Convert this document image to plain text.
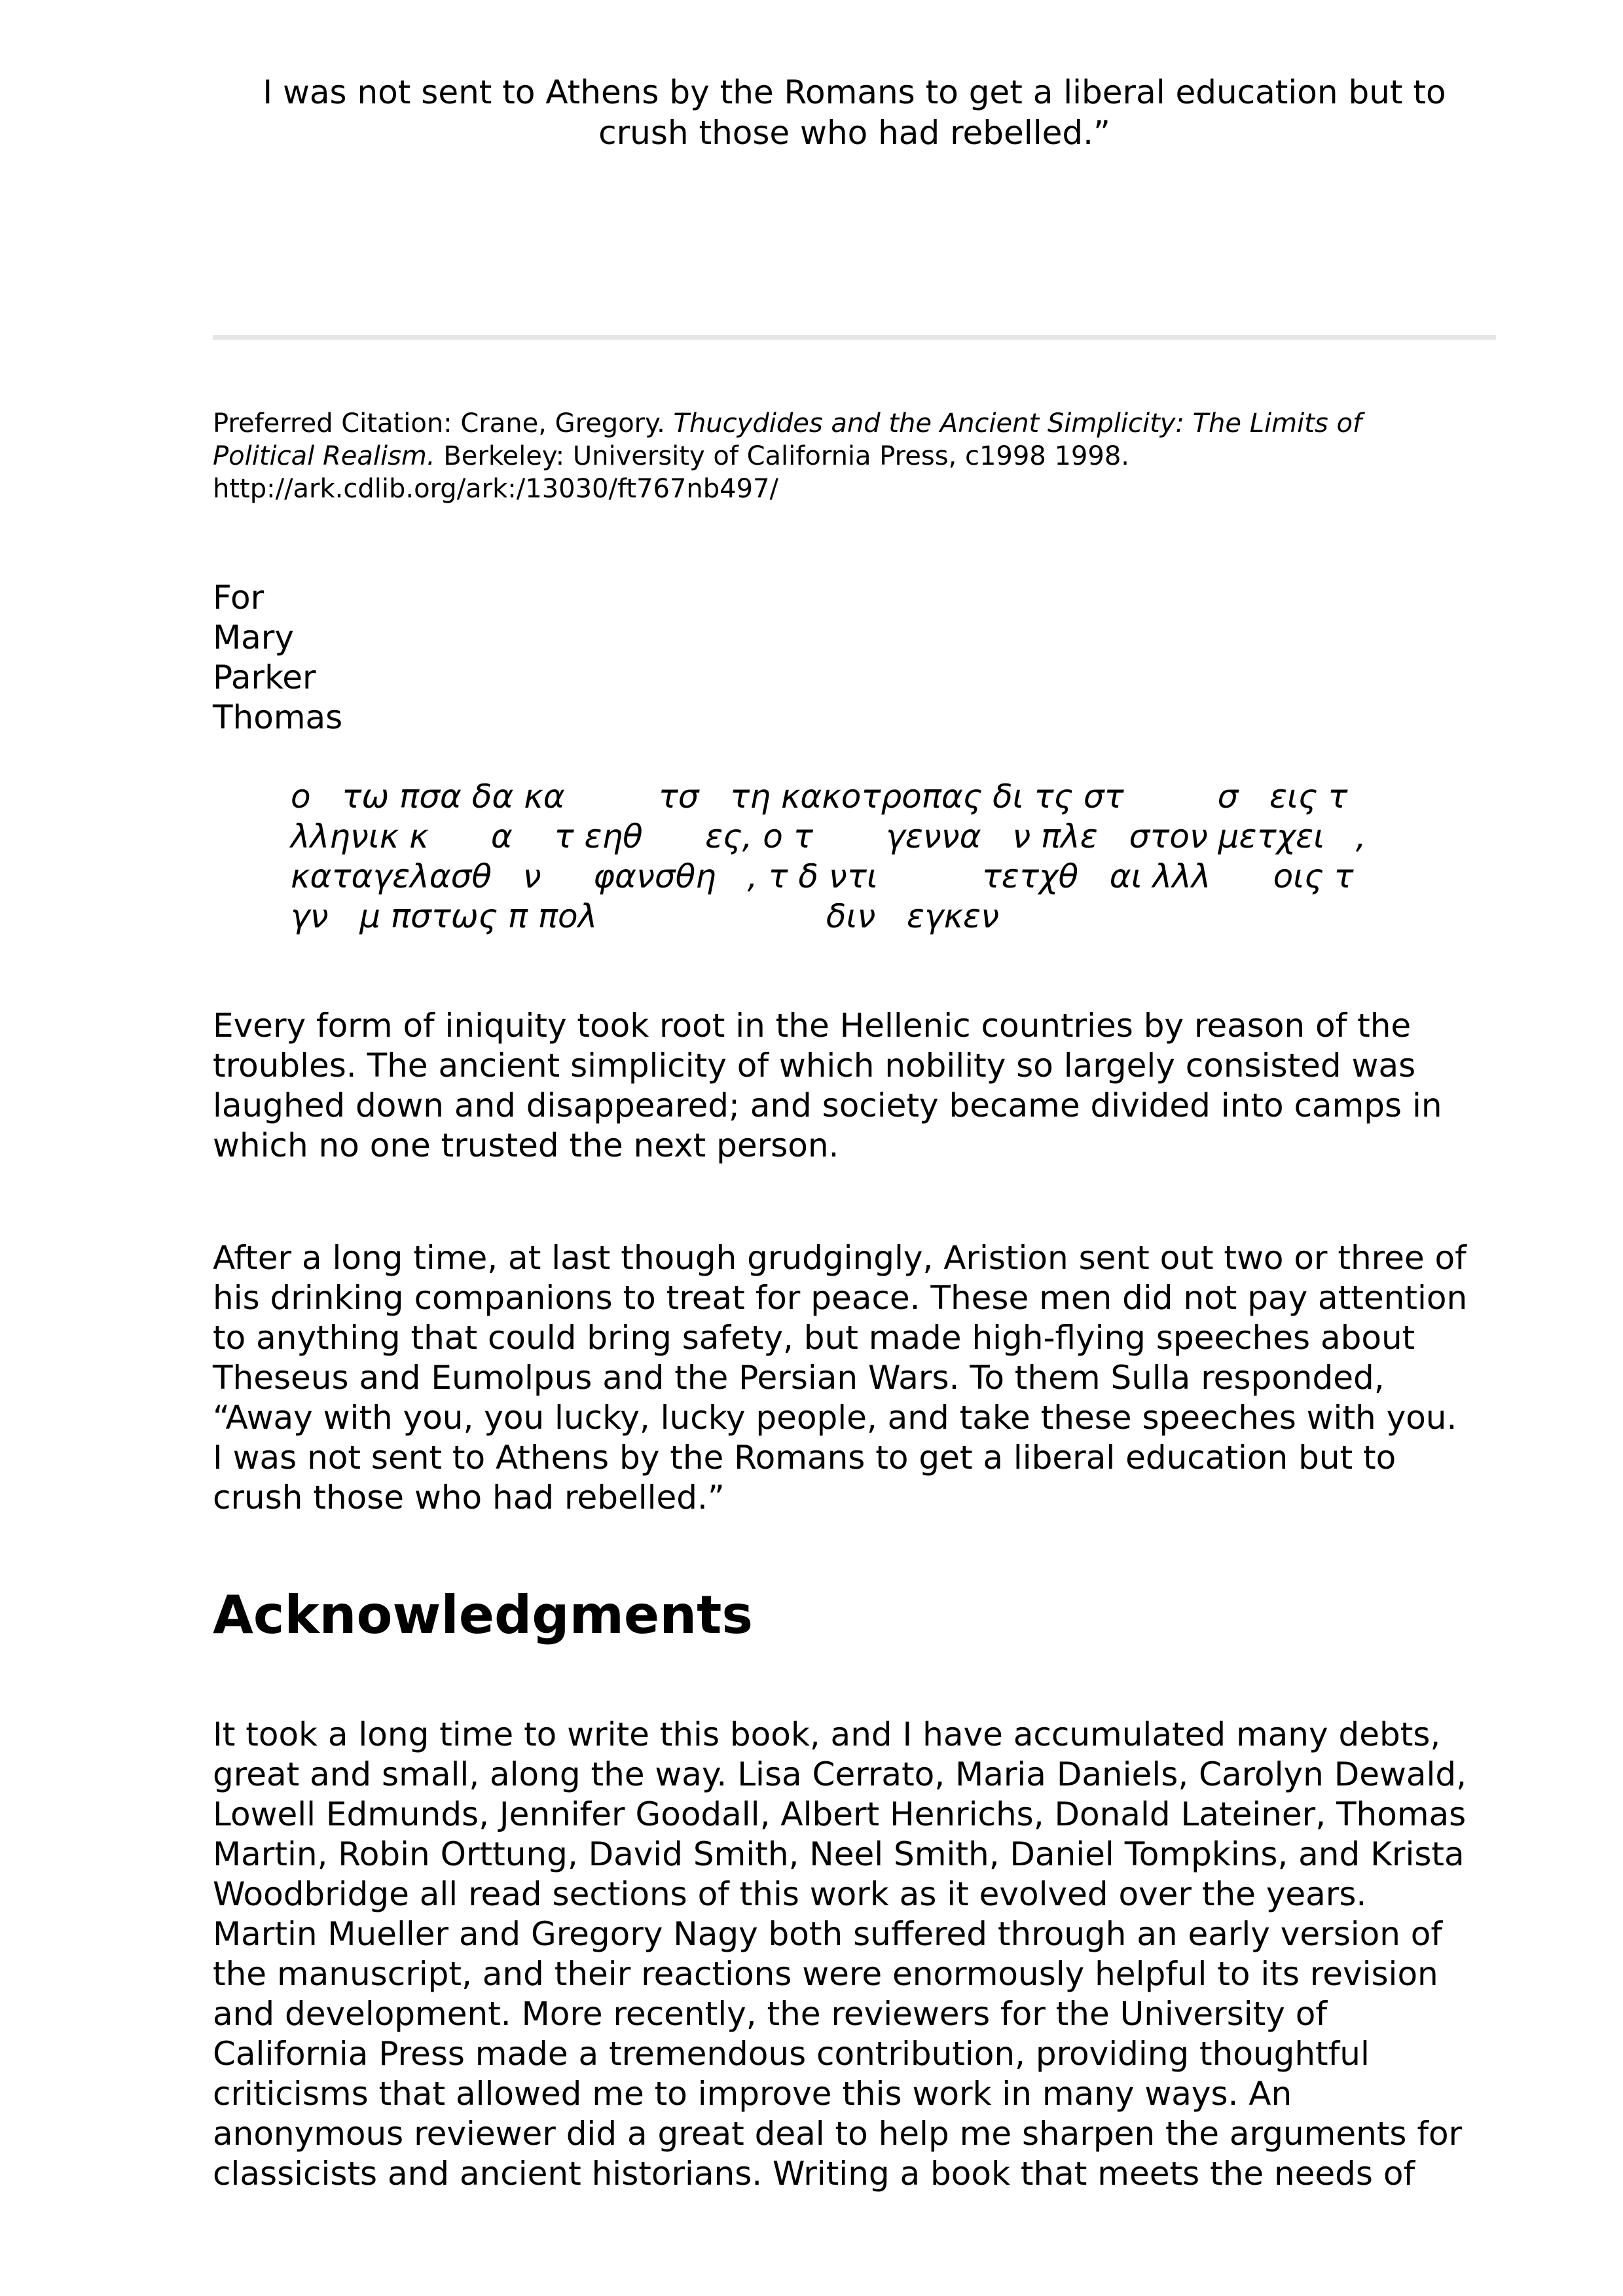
I was not sent to Athens by the Romans to get a liberal education but to
crush those who had rebelled.”
Preferred Citation: Crane, Gregory. Thucydides and the Ancient Simplicity: The Limits of
Political Realism. Berkeley: University of California Press, c1998 1998.
http://ark.cdlib.org/ark:/13030/ft767nb497/
For
Mary
Parker
Thomas
ο   τω πσα δα κα         τσ   τη κακοτροπας δι τς στ         σ   εις τ
λληνικ κ      α    τ εηθ      ες, ο τ       γεννα   ν πλε   στον μετχει   ,
καταγελασθ   ν     φανσθη   , τ δ ντι          τετχθ   αι λλλ      οις τ
γν   μ πστως π πολ                      διν   εγκεν
Every form of iniquity took root in the Hellenic countries by reason of the
troubles. The ancient simplicity of which nobility so largely consisted was
laughed down and disappeared; and society became divided into camps in
which no one trusted the next person.
After a long time, at last though grudgingly, Aristion sent out two or three of
his drinking companions to treat for peace. These men did not pay attention
to anything that could bring safety, but made high-flying speeches about
Theseus and Eumolpus and the Persian Wars. To them Sulla responded,
“Away with you, you lucky, lucky people, and take these speeches with you.
I was not sent to Athens by the Romans to get a liberal education but to
crush those who had rebelled.”
Acknowledgments
It took a long time to write this book, and I have accumulated many debts,
great and small, along the way. Lisa Cerrato, Maria Daniels, Carolyn Dewald,
Lowell Edmunds, Jennifer Goodall, Albert Henrichs, Donald Lateiner, Thomas
Martin, Robin Orttung, David Smith, Neel Smith, Daniel Tompkins, and Krista
Woodbridge all read sections of this work as it evolved over the years.
Martin Mueller and Gregory Nagy both suffered through an early version of
the manuscript, and their reactions were enormously helpful to its revision
and development. More recently, the reviewers for the University of
California Press made a tremendous contribution, providing thoughtful
criticisms that allowed me to improve this work in many ways. An
anonymous reviewer did a great deal to help me sharpen the arguments for
classicists and ancient historians. Writing a book that meets the needs of
